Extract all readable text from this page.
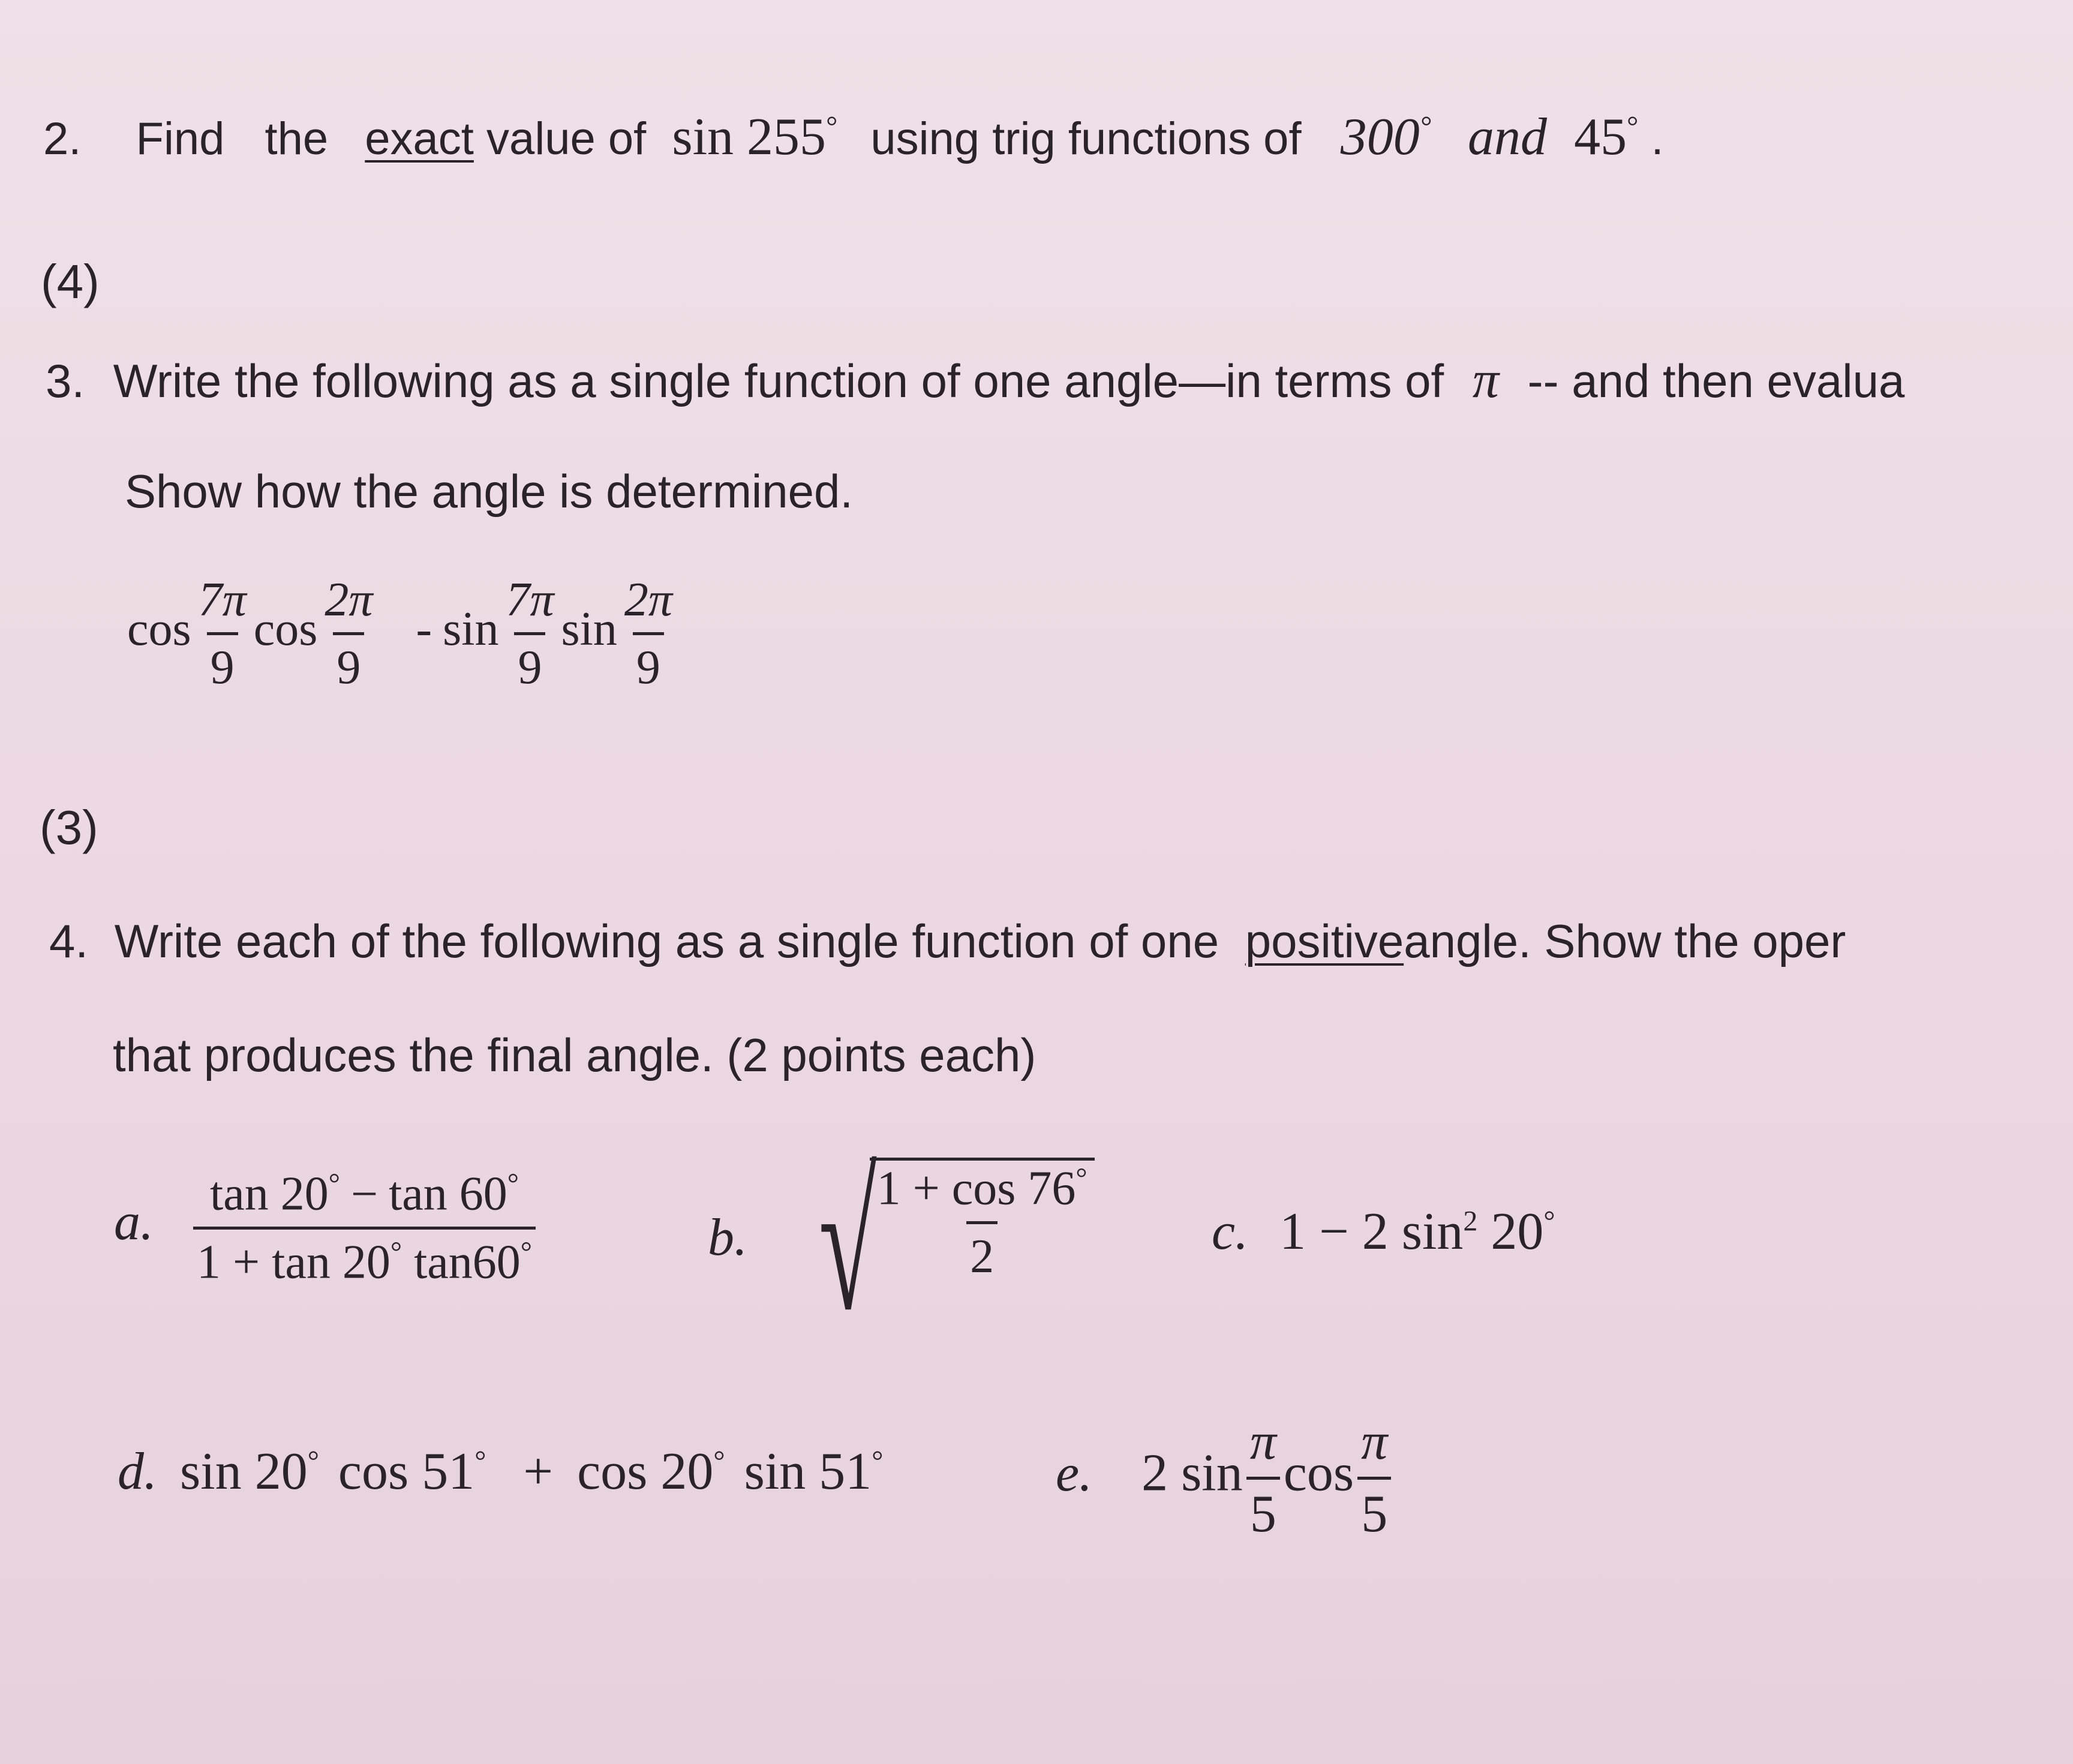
2. Find the exact value of sin 255° using trig functions of 300° and 45° .
(4)
3. Write the following as a single function of one angle—in terms of π -- and then evalua
Show how the angle is determined.
$\cos \frac{7\pi}{9}$ $\cos \frac{2\pi}{9}$ - $\sin \frac{7\pi}{9}$ $\sin \frac{2\pi}{9}$
(3)
4. Write each of the following as a single function of one positiveangle. Show the oper
that produces the final angle. (2 points each)
a. $\frac{\tan 20^\circ - \tan 60^\circ}{1 + \tan 20^\circ \tan 60^\circ}$	b. √
$\frac{1 + \cos 76^\circ}{2} c$. 1 − 2 $\sin^2 20^\circ$
d. sin 20° cos 51° + cos 20° sin 51°	e. 2 $\sin \frac{\pi}{5}$ $\cos \frac{\pi}{5}$
